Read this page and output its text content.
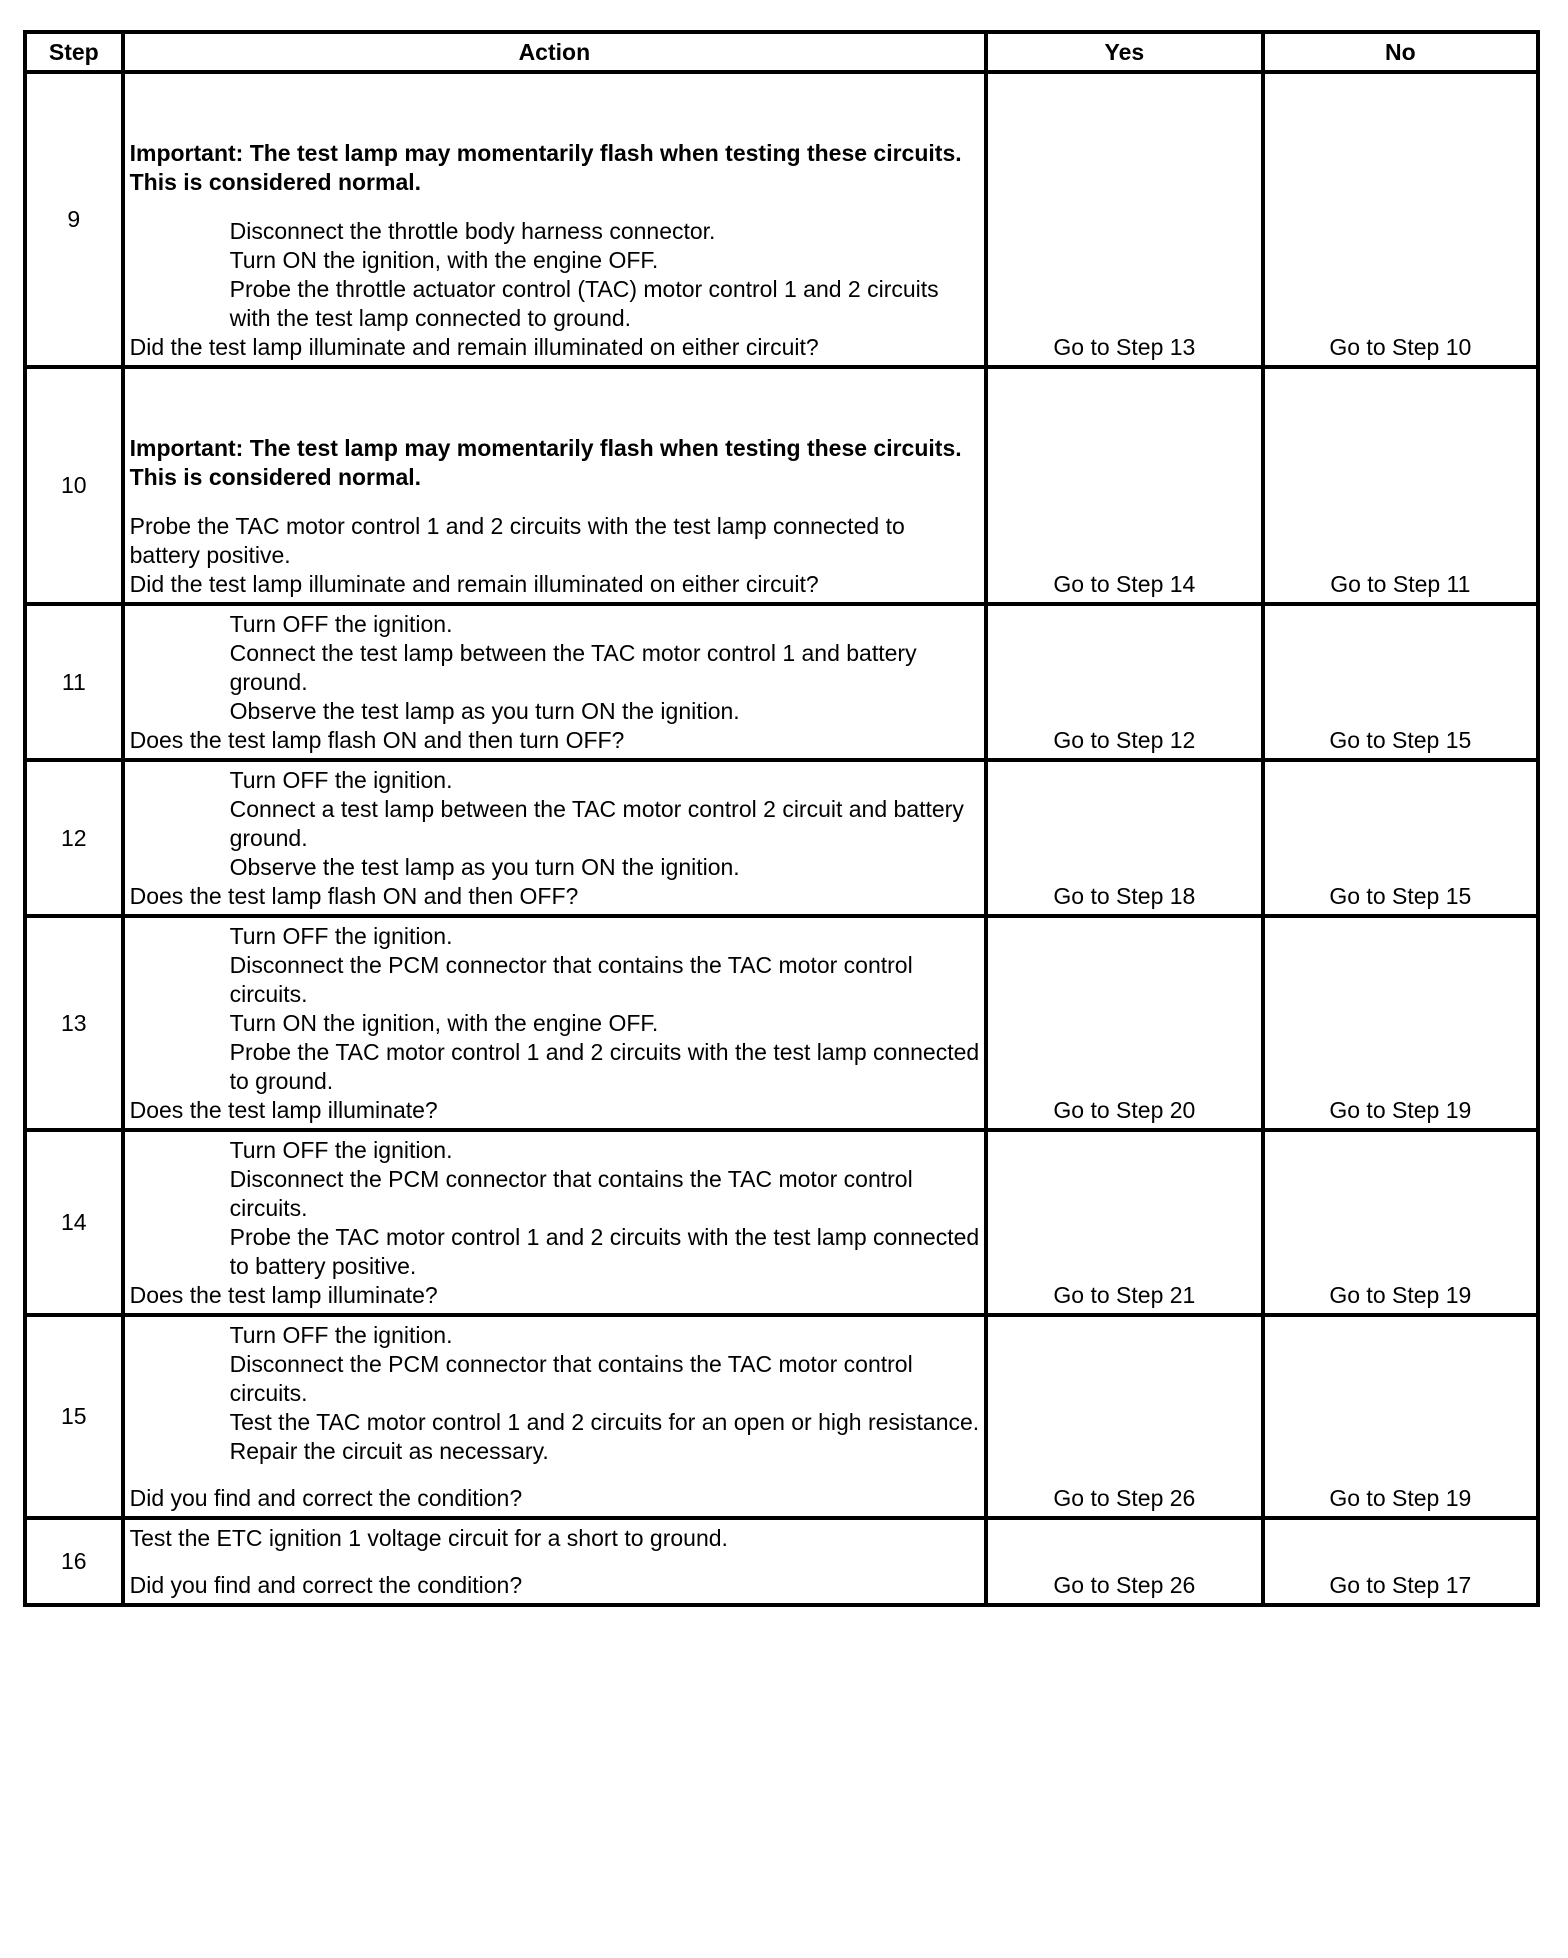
Step	Action	Yes	No
9	Important: The test lamp may momentarily flash when testing these circuits. This is considered normal.
Disconnect the throttle body harness connector.
Turn ON the ignition, with the engine OFF.
Probe the throttle actuator control (TAC) motor control 1 and 2 circuits with the test lamp connected to ground.
Did the test lamp illuminate and remain illuminated on either circuit?	Go to Step 13	Go to Step 10
10	Important: The test lamp may momentarily flash when testing these circuits. This is considered normal.
Probe the TAC motor control 1 and 2 circuits with the test lamp connected to battery positive.
Did the test lamp illuminate and remain illuminated on either circuit?	Go to Step 14	Go to Step 11
11	Turn OFF the ignition.
Connect the test lamp between the TAC motor control 1 and battery ground.
Observe the test lamp as you turn ON the ignition.
Does the test lamp flash ON and then turn OFF?	Go to Step 12	Go to Step 15
12	Turn OFF the ignition.
Connect a test lamp between the TAC motor control 2 circuit and battery ground.
Observe the test lamp as you turn ON the ignition.
Does the test lamp flash ON and then OFF?	Go to Step 18	Go to Step 15
13	Turn OFF the ignition.
Disconnect the PCM connector that contains the TAC motor control circuits.
Turn ON the ignition, with the engine OFF.
Probe the TAC motor control 1 and 2 circuits with the test lamp connected to ground.
Does the test lamp illuminate?	Go to Step 20	Go to Step 19
14	Turn OFF the ignition.
Disconnect the PCM connector that contains the TAC motor control circuits.
Probe the TAC motor control 1 and 2 circuits with the test lamp connected to battery positive.
Does the test lamp illuminate?	Go to Step 21	Go to Step 19
15	Turn OFF the ignition.
Disconnect the PCM connector that contains the TAC motor control circuits.
Test the TAC motor control 1 and 2 circuits for an open or high resistance.
Repair the circuit as necessary.
Did you find and correct the condition?	Go to Step 26	Go to Step 19
16	Test the ETC ignition 1 voltage circuit for a short to ground.
Did you find and correct the condition?	Go to Step 26	Go to Step 17
